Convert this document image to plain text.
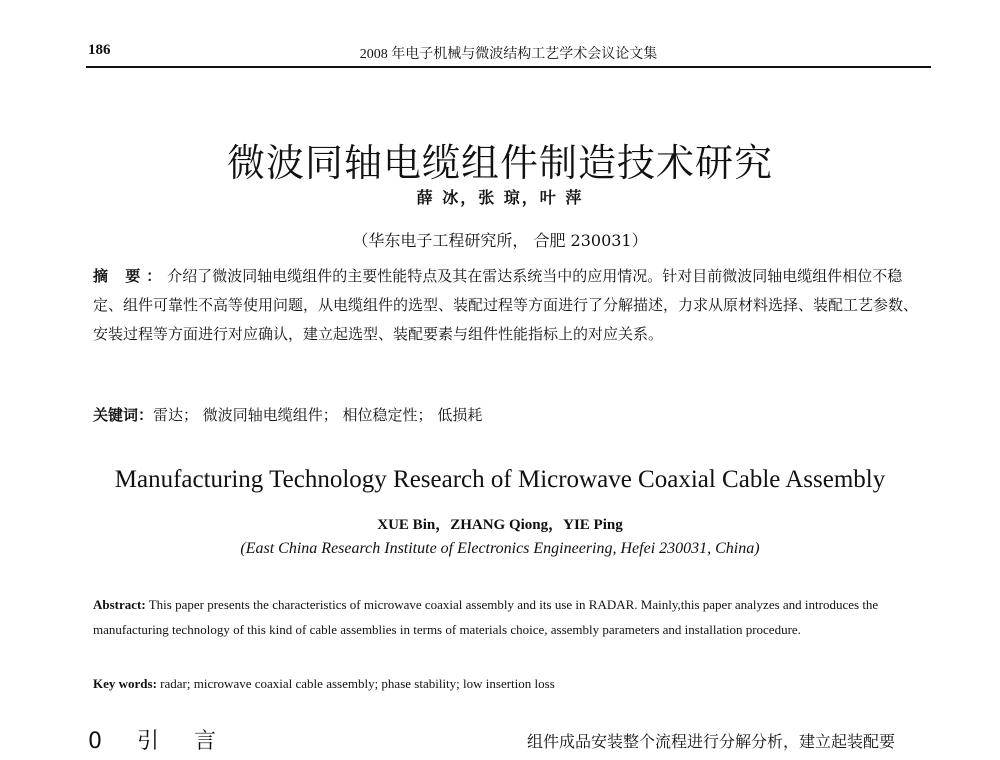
186	2008 年电子机械与微波结构工艺学术会议论文集
微波同轴电缆组件制造技术研究
薛 冰，张 琼，叶 萍
（华东电子工程研究所， 合肥 230031）
摘 要：介绍了微波同轴电缆组件的主要性能特点及其在雷达系统当中的应用情况。针对目前微波同轴电缆组件相位不稳定、组件可靠性不高等使用问题，从电缆组件的选型、装配过程等方面进行了分解描述，力求从原材料选择、装配工艺参数、安装过程等方面进行对应确认，建立起选型、装配要素与组件性能指标上的对应关系。
关键词：雷达； 微波同轴电缆组件； 相位稳定性； 低损耗
Manufacturing Technology Research of Microwave Coaxial Cable Assembly
XUE Bin，ZHANG Qiong，YIE Ping
(East China Research Institute of Electronics Engineering, Hefei 230031, China)
Abstract: This paper presents the characteristics of microwave coaxial assembly and its use in RADAR. Mainly,this paper analyzes and introduces the manufacturing technology of this kind of cable assemblies in terms of materials choice, assembly parameters and installation procedure.
Key words: radar; microwave coaxial cable assembly; phase stability; low insertion loss
0 引 言	组件成品安装整个流程进行分解分析，建立起装配要
